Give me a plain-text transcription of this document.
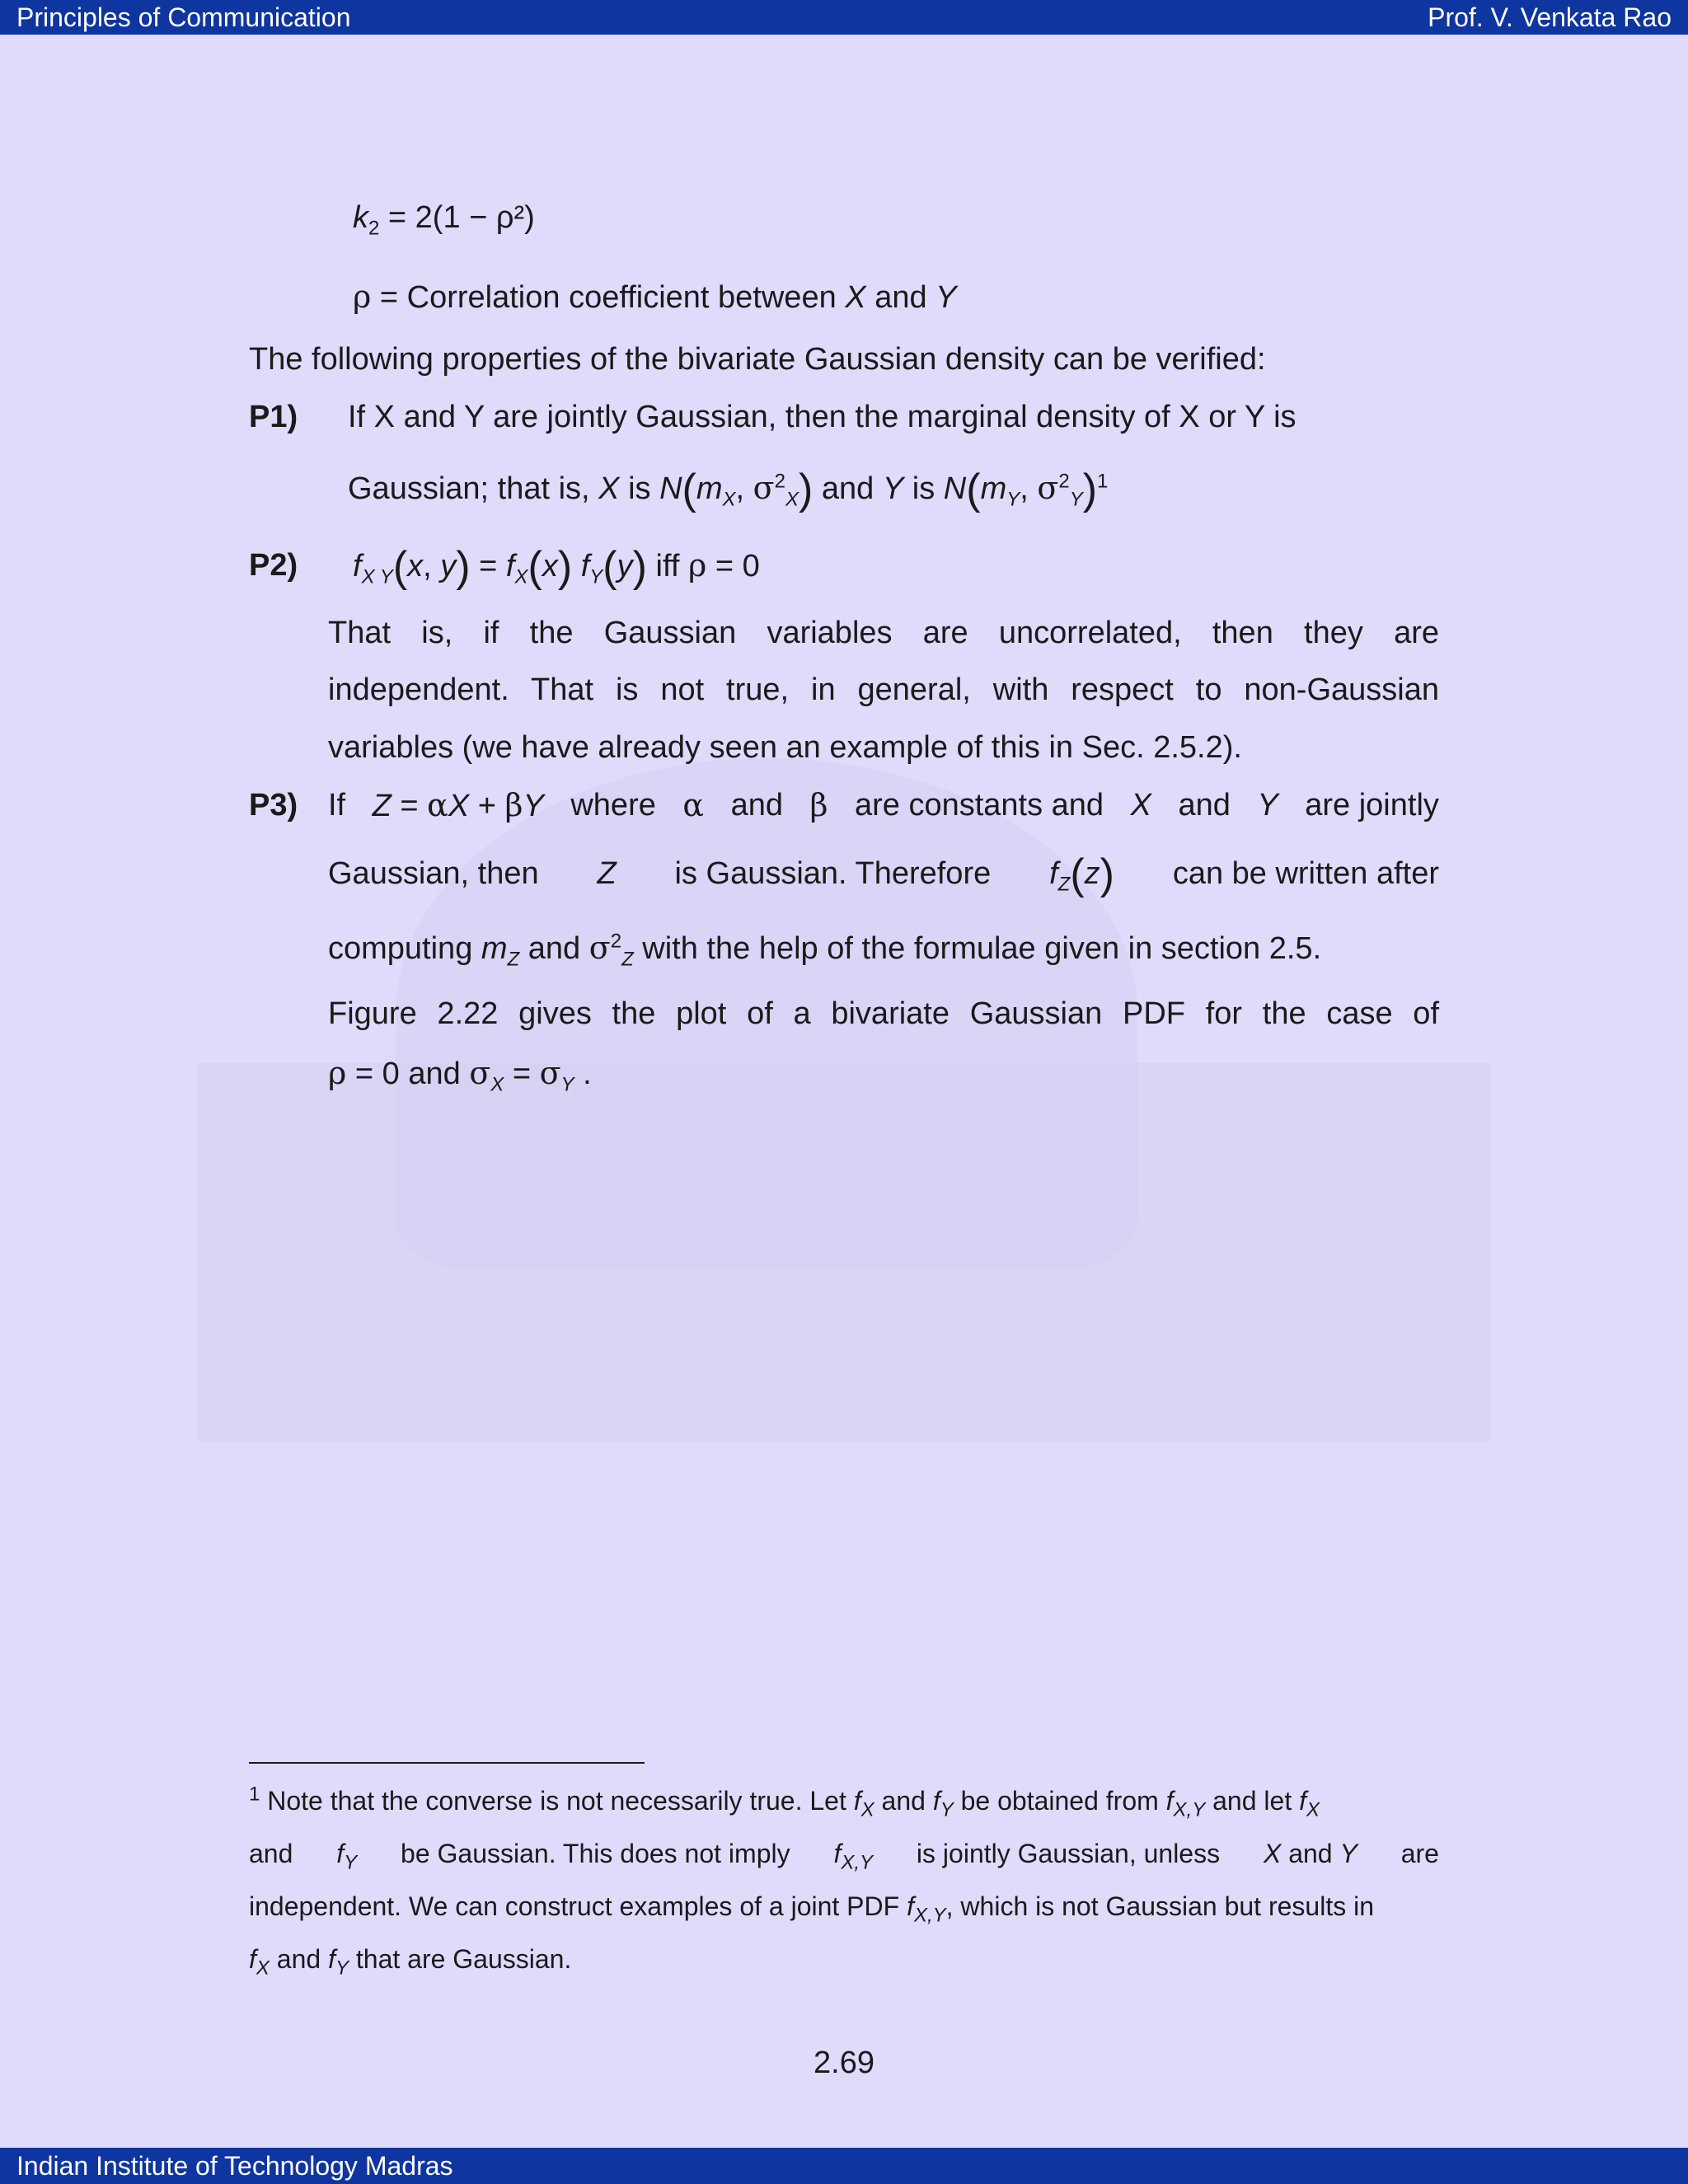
Principles of Communication	Prof. V. Venkata Rao
$k_2 = 2(1 - \rho^2)$
ρ = Correlation coefficient between X and Y
The following properties of the bivariate Gaussian density can be verified:
P1) If X and Y are jointly Gaussian, then the marginal density of X or Y is
Gaussian; that is, X is $N(m_X$, $\sigma^2_X$) and Y is $N(m_Y$, $\sigma^2_Y)^1$
P2) $f_{X Y}(x$, $y) = f_X(x)$ $f_Y(y)$ iff ρ = 0
That is, if the Gaussian variables are uncorrelated, then they are
independent. That is not true, in general, with respect to non-Gaussian
variables (we have already seen an example of this in Sec. 2.5.2).
P3) If Z = αX + βY where α and β are constants and X and Y are jointly
Gaussian, then Z is Gaussian. Therefore $f_Z(z)$ can be written after
computing $m_Z$ and $\sigma^2_Z$ with the help of the formulae given in section 2.5.
Figure 2.22 gives the plot of a bivariate Gaussian PDF for the case of
ρ = 0 and $\sigma_X = \sigma_Y$ .
$^1$ Note that the converse is not necessarily true. Let $f_X$ and $f_Y$ be obtained from $f_{X,Y}$ and let $f_X$
and $f_Y$ be Gaussian. This does not imply $f_{X,Y}$ is jointly Gaussian, unless X and Y are
independent. We can construct examples of a joint PDF $f_{X,Y}$, which is not Gaussian but results in
$f_X$ and $f_Y$ that are Gaussian.
2.69
Indian Institute of Technology Madras
